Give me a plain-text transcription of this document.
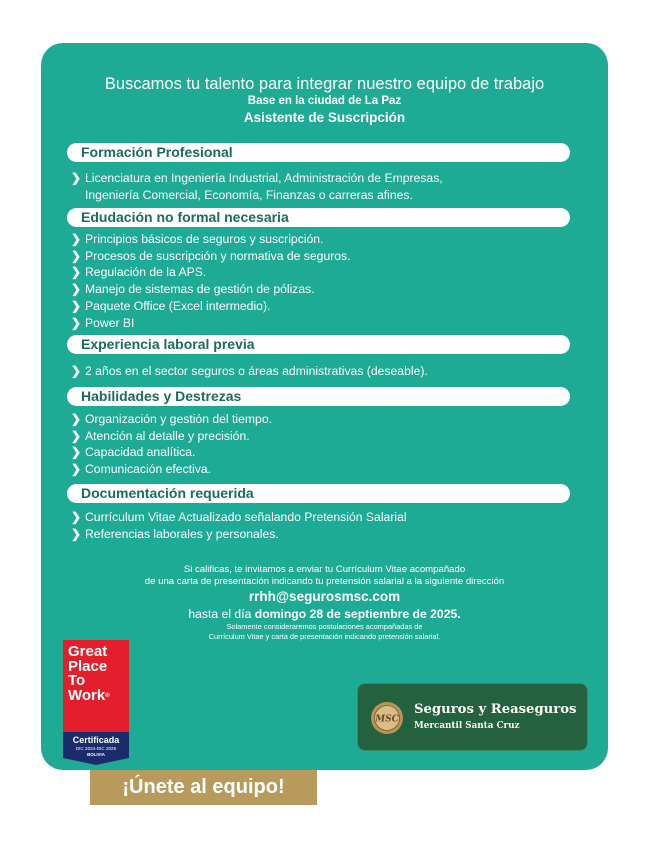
Buscamos tu talento para integrar nuestro equipo de trabajo
Base en la ciudad de La Paz
Asistente de Suscripción
Formación Profesional
❯ Licenciatura en Ingeniería Industrial, Administración de Empresas,
Ingeniería Comercial, Economía, Finanzas o carreras afines.
Edudación no formal necesaria
❯ Principios básicos de seguros y suscripción.
❯ Procesos de suscripción y normativa de seguros.
❯ Regulación de la APS.
❯ Manejo de sistemas de gestión de pólizas.
❯ Paquete Office (Excel intermedio).
❯ Power BI
Experiencia laboral previa
❯ 2 años en el sector seguros o áreas administrativas (deseable).
Habilidades y Destrezas
❯ Organización y gestión del tiempo.
❯ Atención al detalle y precisión.
❯ Capacidad analítica.
❯ Comunicación efectiva.
Documentación requerida
❯ Currículum Vitae Actualizado señalando Pretensión Salarial
❯ Referencias laborales y personales.
Si calificas, te invitamos a enviar tu Currículum Vitae acompañado
de una carta de presentación indicando tu pretensión salarial a la siguiente dirección
rrhh@segurosmsc.com
hasta el día domingo 28 de septiembre de 2025.
Solamente consideraremos postulaciones acompañadas de
Currículum Vitae y carta de presentación indicando pretensión salarial.
Great
Place
To
Work®
Certificada
DIC 2024-DIC 2025
BOLIVIA
MSC
Seguros y Reaseguros
Mercantil Santa Cruz
¡Únete al equipo!
